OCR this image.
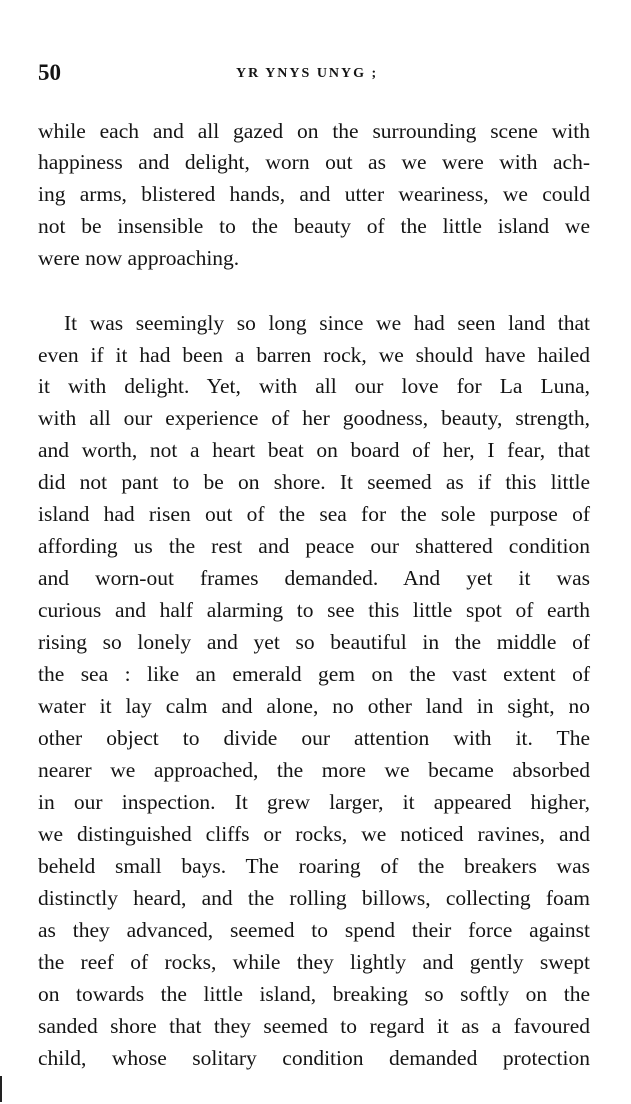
50	YR YNYS UNYG ;

while each and all gazed on the surrounding scene with

happiness and delight, worn out as we were with ach-

ing arms, blistered hands, and utter weariness, we could

not be insensible to the beauty of the little island we

were now approaching.

It was seemingly so long since we had seen land that

even if it had been a barren rock, we should have hailed

it with delight. Yet, with all our love for La Luna,

with all our experience of her goodness, beauty, strength,

and worth, not a heart beat on board of her, I fear, that

did not pant to be on shore. It seemed as if this little

island had risen out of the sea for the sole purpose of

affording us the rest and peace our shattered condition

and worn-out frames demanded. And yet it was

curious and half alarming to see this little spot of earth

rising so lonely and yet so beautiful in the middle of

the sea : like an emerald gem on the vast extent of

water it lay calm and alone, no other land in sight, no

other object to divide our attention with it. The

nearer we approached, the more we became absorbed

in our inspection. It grew larger, it appeared higher,

we distinguished cliffs or rocks, we noticed ravines, and

beheld small bays. The roaring of the breakers was

distinctly heard, and the rolling billows, collecting foam

as they advanced, seemed to spend their force against

the reef of rocks, while they lightly and gently swept

on towards the little island, breaking so softly on the

sanded shore that they seemed to regard it as a favoured

child, whose solitary condition demanded protection
